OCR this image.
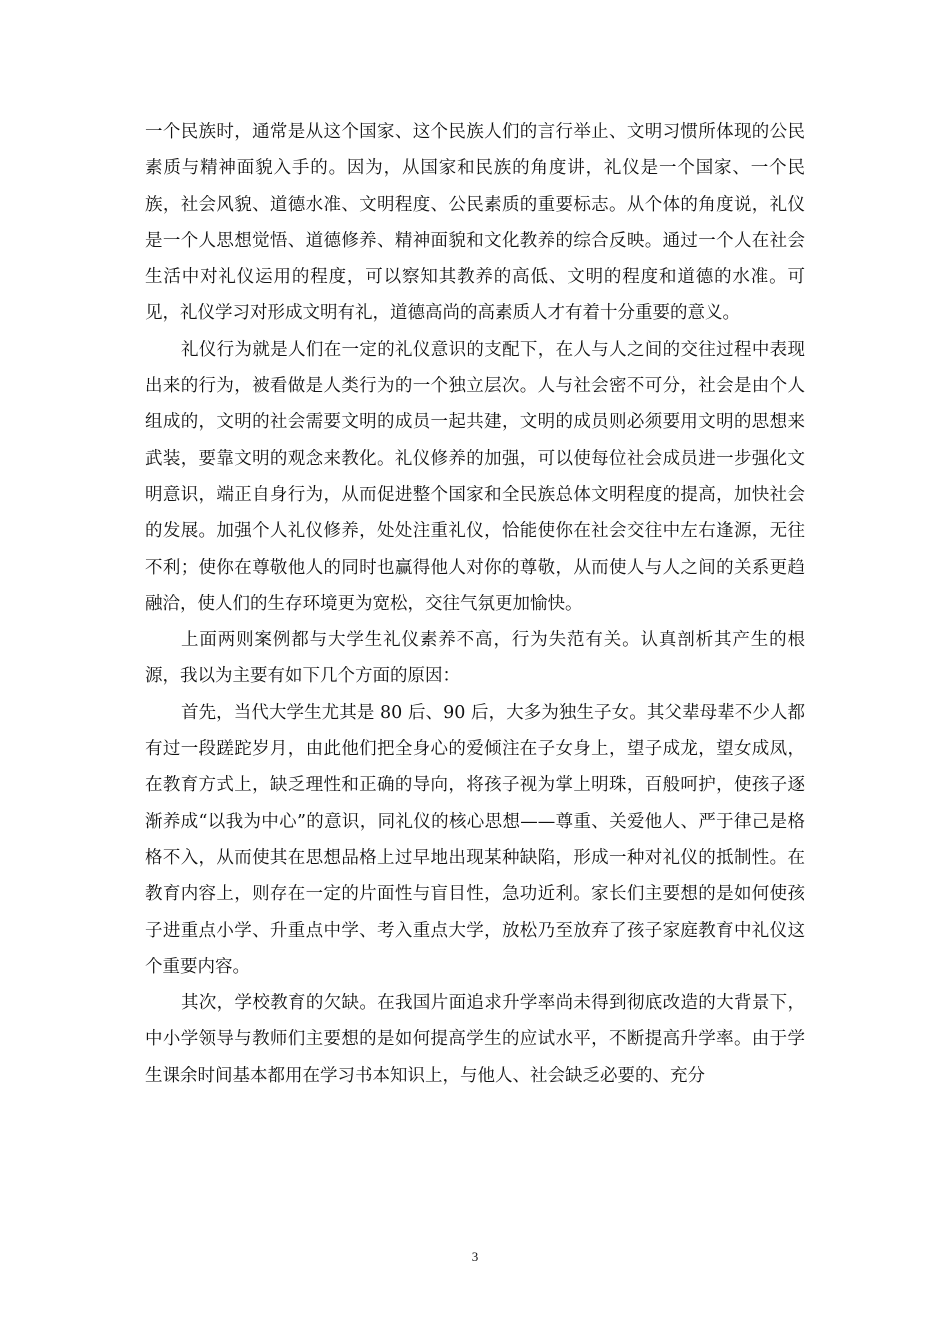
一个民族时，通常是从这个国家、这个民族人们的言行举止、文明习惯所体现的公民素质与精神面貌入手的。因为，从国家和民族的角度讲，礼仪是一个国家、一个民族，社会风貌、道德水准、文明程度、公民素质的重要标志。从个体的角度说，礼仪是一个人思想觉悟、道德修养、精神面貌和文化教养的综合反映。通过一个人在社会生活中对礼仪运用的程度，可以察知其教养的高低、文明的程度和道德的水准。可见，礼仪学习对形成文明有礼，道德高尚的高素质人才有着十分重要的意义。

礼仪行为就是人们在一定的礼仪意识的支配下，在人与人之间的交往过程中表现出来的行为，被看做是人类行为的一个独立层次。人与社会密不可分，社会是由个人组成的，文明的社会需要文明的成员一起共建，文明的成员则必须要用文明的思想来武装，要靠文明的观念来教化。礼仪修养的加强，可以使每位社会成员进一步强化文明意识，端正自身行为，从而促进整个国家和全民族总体文明程度的提高，加快社会的发展。加强个人礼仪修养，处处注重礼仪，恰能使你在社会交往中左右逢源，无往不利；使你在尊敬他人的同时也赢得他人对你的尊敬，从而使人与人之间的关系更趋融洽，使人们的生存环境更为宽松，交往气氛更加愉快。

上面两则案例都与大学生礼仪素养不高，行为失范有关。认真剖析其产生的根源，我以为主要有如下几个方面的原因：

首先，当代大学生尤其是 80 后、90 后，大多为独生子女。其父辈母辈不少人都有过一段蹉跎岁月，由此他们把全身心的爱倾注在子女身上，望子成龙，望女成凤，在教育方式上，缺乏理性和正确的导向，将孩子视为掌上明珠，百般呵护，使孩子逐渐养成“以我为中心”的意识，同礼仪的核心思想——尊重、关爱他人、严于律己是格格不入，从而使其在思想品格上过早地出现某种缺陷，形成一种对礼仪的抵制性。在教育内容上，则存在一定的片面性与盲目性，急功近利。家长们主要想的是如何使孩子进重点小学、升重点中学、考入重点大学，放松乃至放弃了孩子家庭教育中礼仪这个重要内容。

其次，学校教育的欠缺。在我国片面追求升学率尚未得到彻底改造的大背景下，中小学领导与教师们主要想的是如何提高学生的应试水平，不断提高升学率。由于学生课余时间基本都用在学习书本知识上，与他人、社会缺乏必要的、充分

3
